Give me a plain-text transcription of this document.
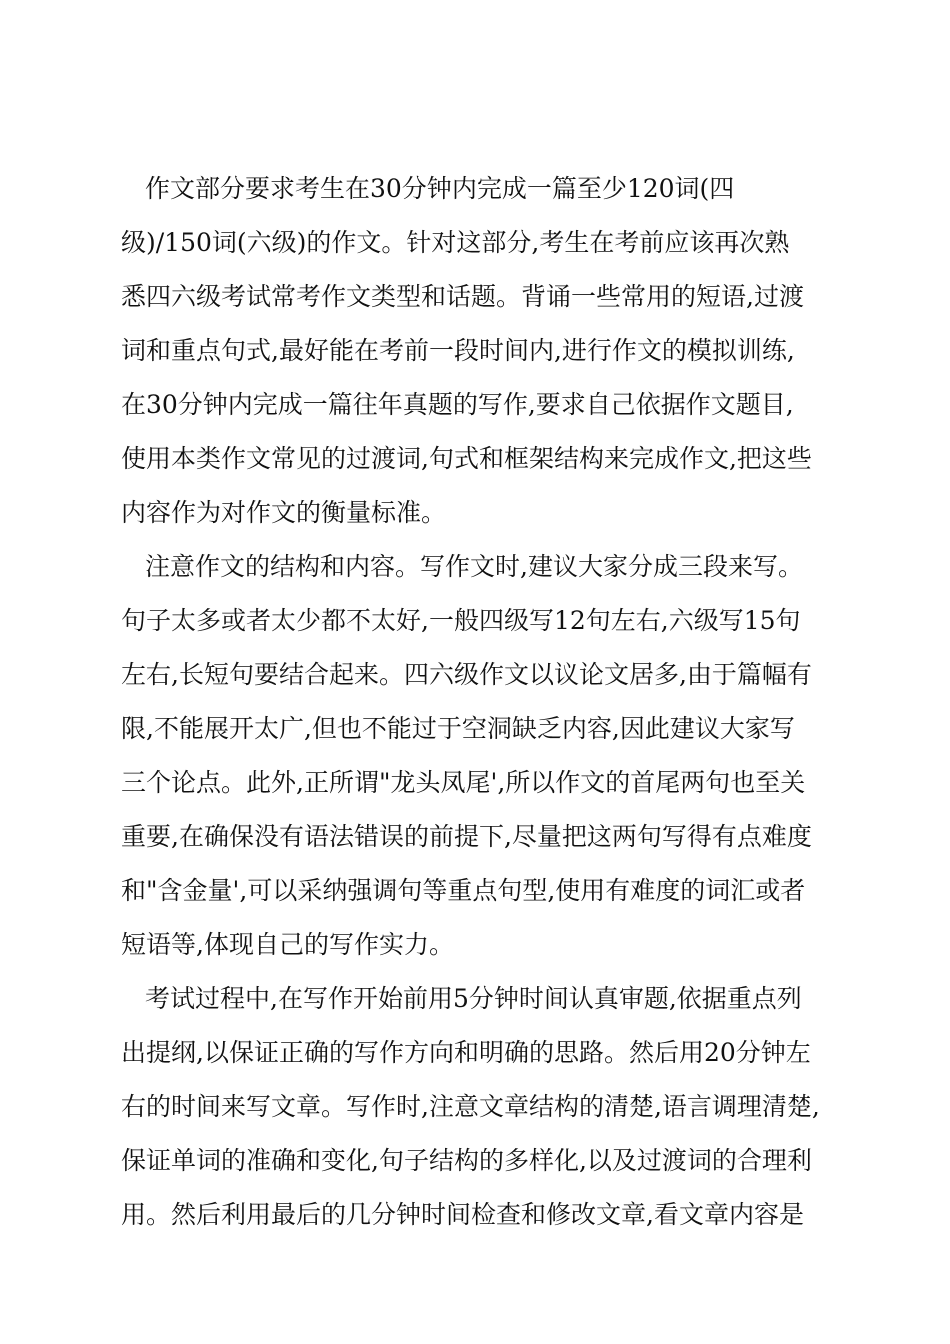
作文部分要求考生在30分钟内完成一篇至少120词(四
级)/150词(六级)的作文。针对这部分,考生在考前应该再次熟
悉四六级考试常考作文类型和话题。背诵一些常用的短语,过渡
词和重点句式,最好能在考前一段时间内,进行作文的模拟训练,
在30分钟内完成一篇往年真题的写作,要求自己依据作文题目,
使用本类作文常见的过渡词,句式和框架结构来完成作文,把这些
内容作为对作文的衡量标准。
注意作文的结构和内容。写作文时,建议大家分成三段来写。
句子太多或者太少都不太好,一般四级写12句左右,六级写15句
左右,长短句要结合起来。四六级作文以议论文居多,由于篇幅有
限,不能展开太广,但也不能过于空洞缺乏内容,因此建议大家写
三个论点。此外,正所谓"龙头凤尾',所以作文的首尾两句也至关
重要,在确保没有语法错误的前提下,尽量把这两句写得有点难度
和"含金量',可以采纳强调句等重点句型,使用有难度的词汇或者
短语等,体现自己的写作实力。
考试过程中,在写作开始前用5分钟时间认真审题,依据重点列
出提纲,以保证正确的写作方向和明确的思路。然后用20分钟左
右的时间来写文章。写作时,注意文章结构的清楚,语言调理清楚,
保证单词的准确和变化,句子结构的多样化,以及过渡词的合理利
用。然后利用最后的几分钟时间检查和修改文章,看文章内容是
